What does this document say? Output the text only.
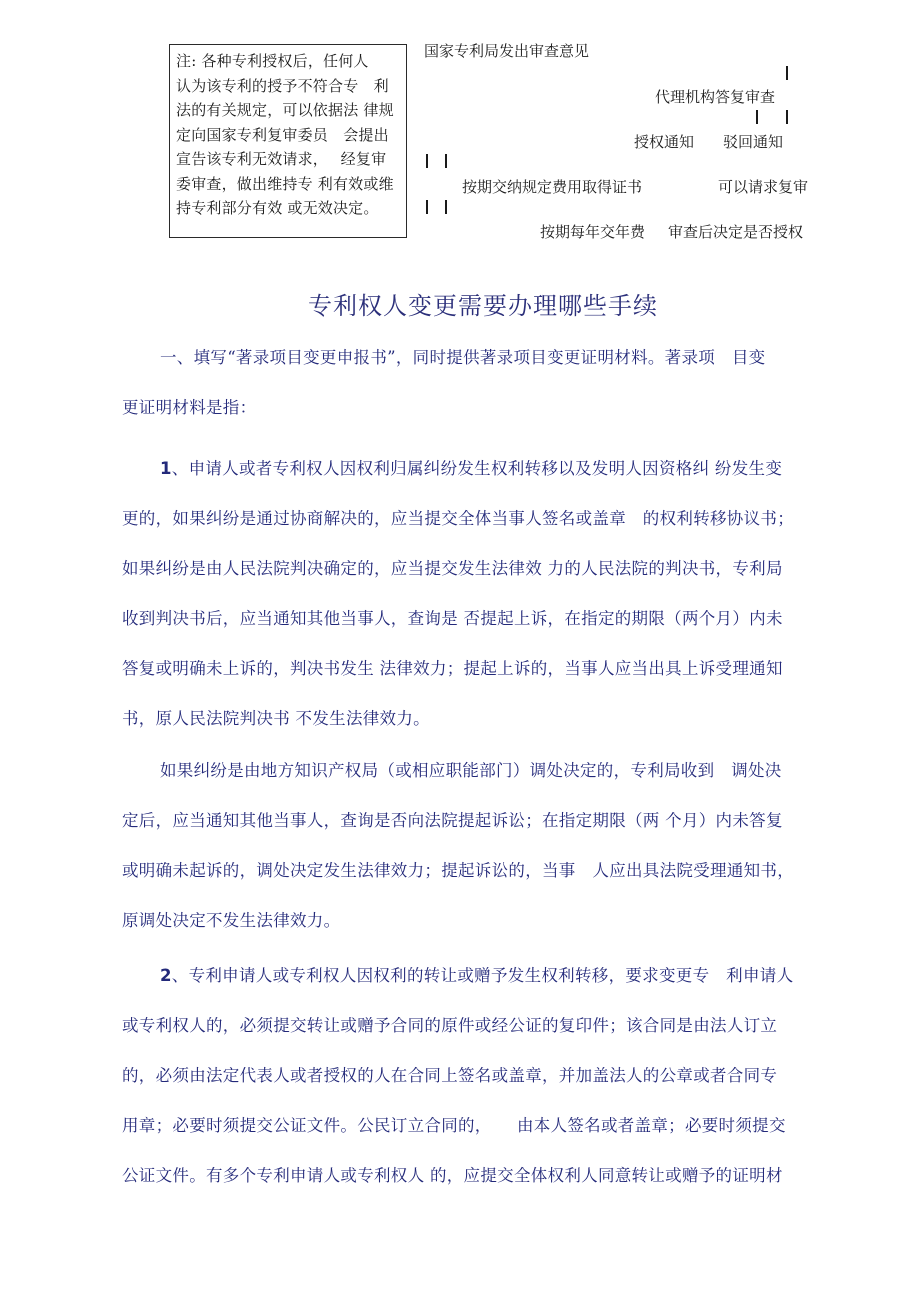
注: 各种专利授权后，任何人
认为该专利的授予不符合专　利
法的有关规定，可以依据法 律规
定向国家专利复审委员　会提出
宣告该专利无效请求，　 经复审
委审查，做出维持专 利有效或维
持专利部分有效 或无效决定。
国家专利局发出审查意见
代理机构答复审查
授权通知 驳回通知
按期交纳规定费用取得证书	可以请求复审
按期每年交年费 审查后决定是否授权
专利权人变更需要办理哪些手续
一、填写“著录项目变更申报书”，同时提供著录项目变更证明材料。著录项　目变
更证明材料是指：
1、申请人或者专利权人因权利归属纠纷发生权利转移以及发明人因资格纠 纷发生变
更的，如果纠纷是通过协商解决的，应当提交全体当事人签名或盖章　的权利转移协议书；
如果纠纷是由人民法院判决确定的，应当提交发生法律效 力的人民法院的判决书，专利局
收到判决书后，应当通知其他当事人，查询是 否提起上诉，在指定的期限（两个月）内未
答复或明确未上诉的，判决书发生 法律效力；提起上诉的，当事人应当出具上诉受理通知
书，原人民法院判决书 不发生法律效力。
如果纠纷是由地方知识产权局（或相应职能部门）调处决定的，专利局收到　调处决
定后，应当通知其他当事人，查询是否向法院提起诉讼；在指定期限（两 个月）内未答复
或明确未起诉的，调处决定发生法律效力；提起诉讼的，当事　人应出具法院受理通知书，
原调处决定不发生法律效力。
2、专利申请人或专利权人因权利的转让或赠予发生权利转移，要求变更专　利申请人
或专利权人的，必须提交转让或赠予合同的原件或经公证的复印件；该合同是由法人订立
的，必须由法定代表人或者授权的人在合同上签名或盖章，并加盖法人的公章或者合同专
用章；必要时须提交公证文件。公民订立合同的，　　由本人签名或者盖章；必要时须提交
公证文件。有多个专利申请人或专利权人 的，应提交全体权利人同意转让或赠予的证明材
